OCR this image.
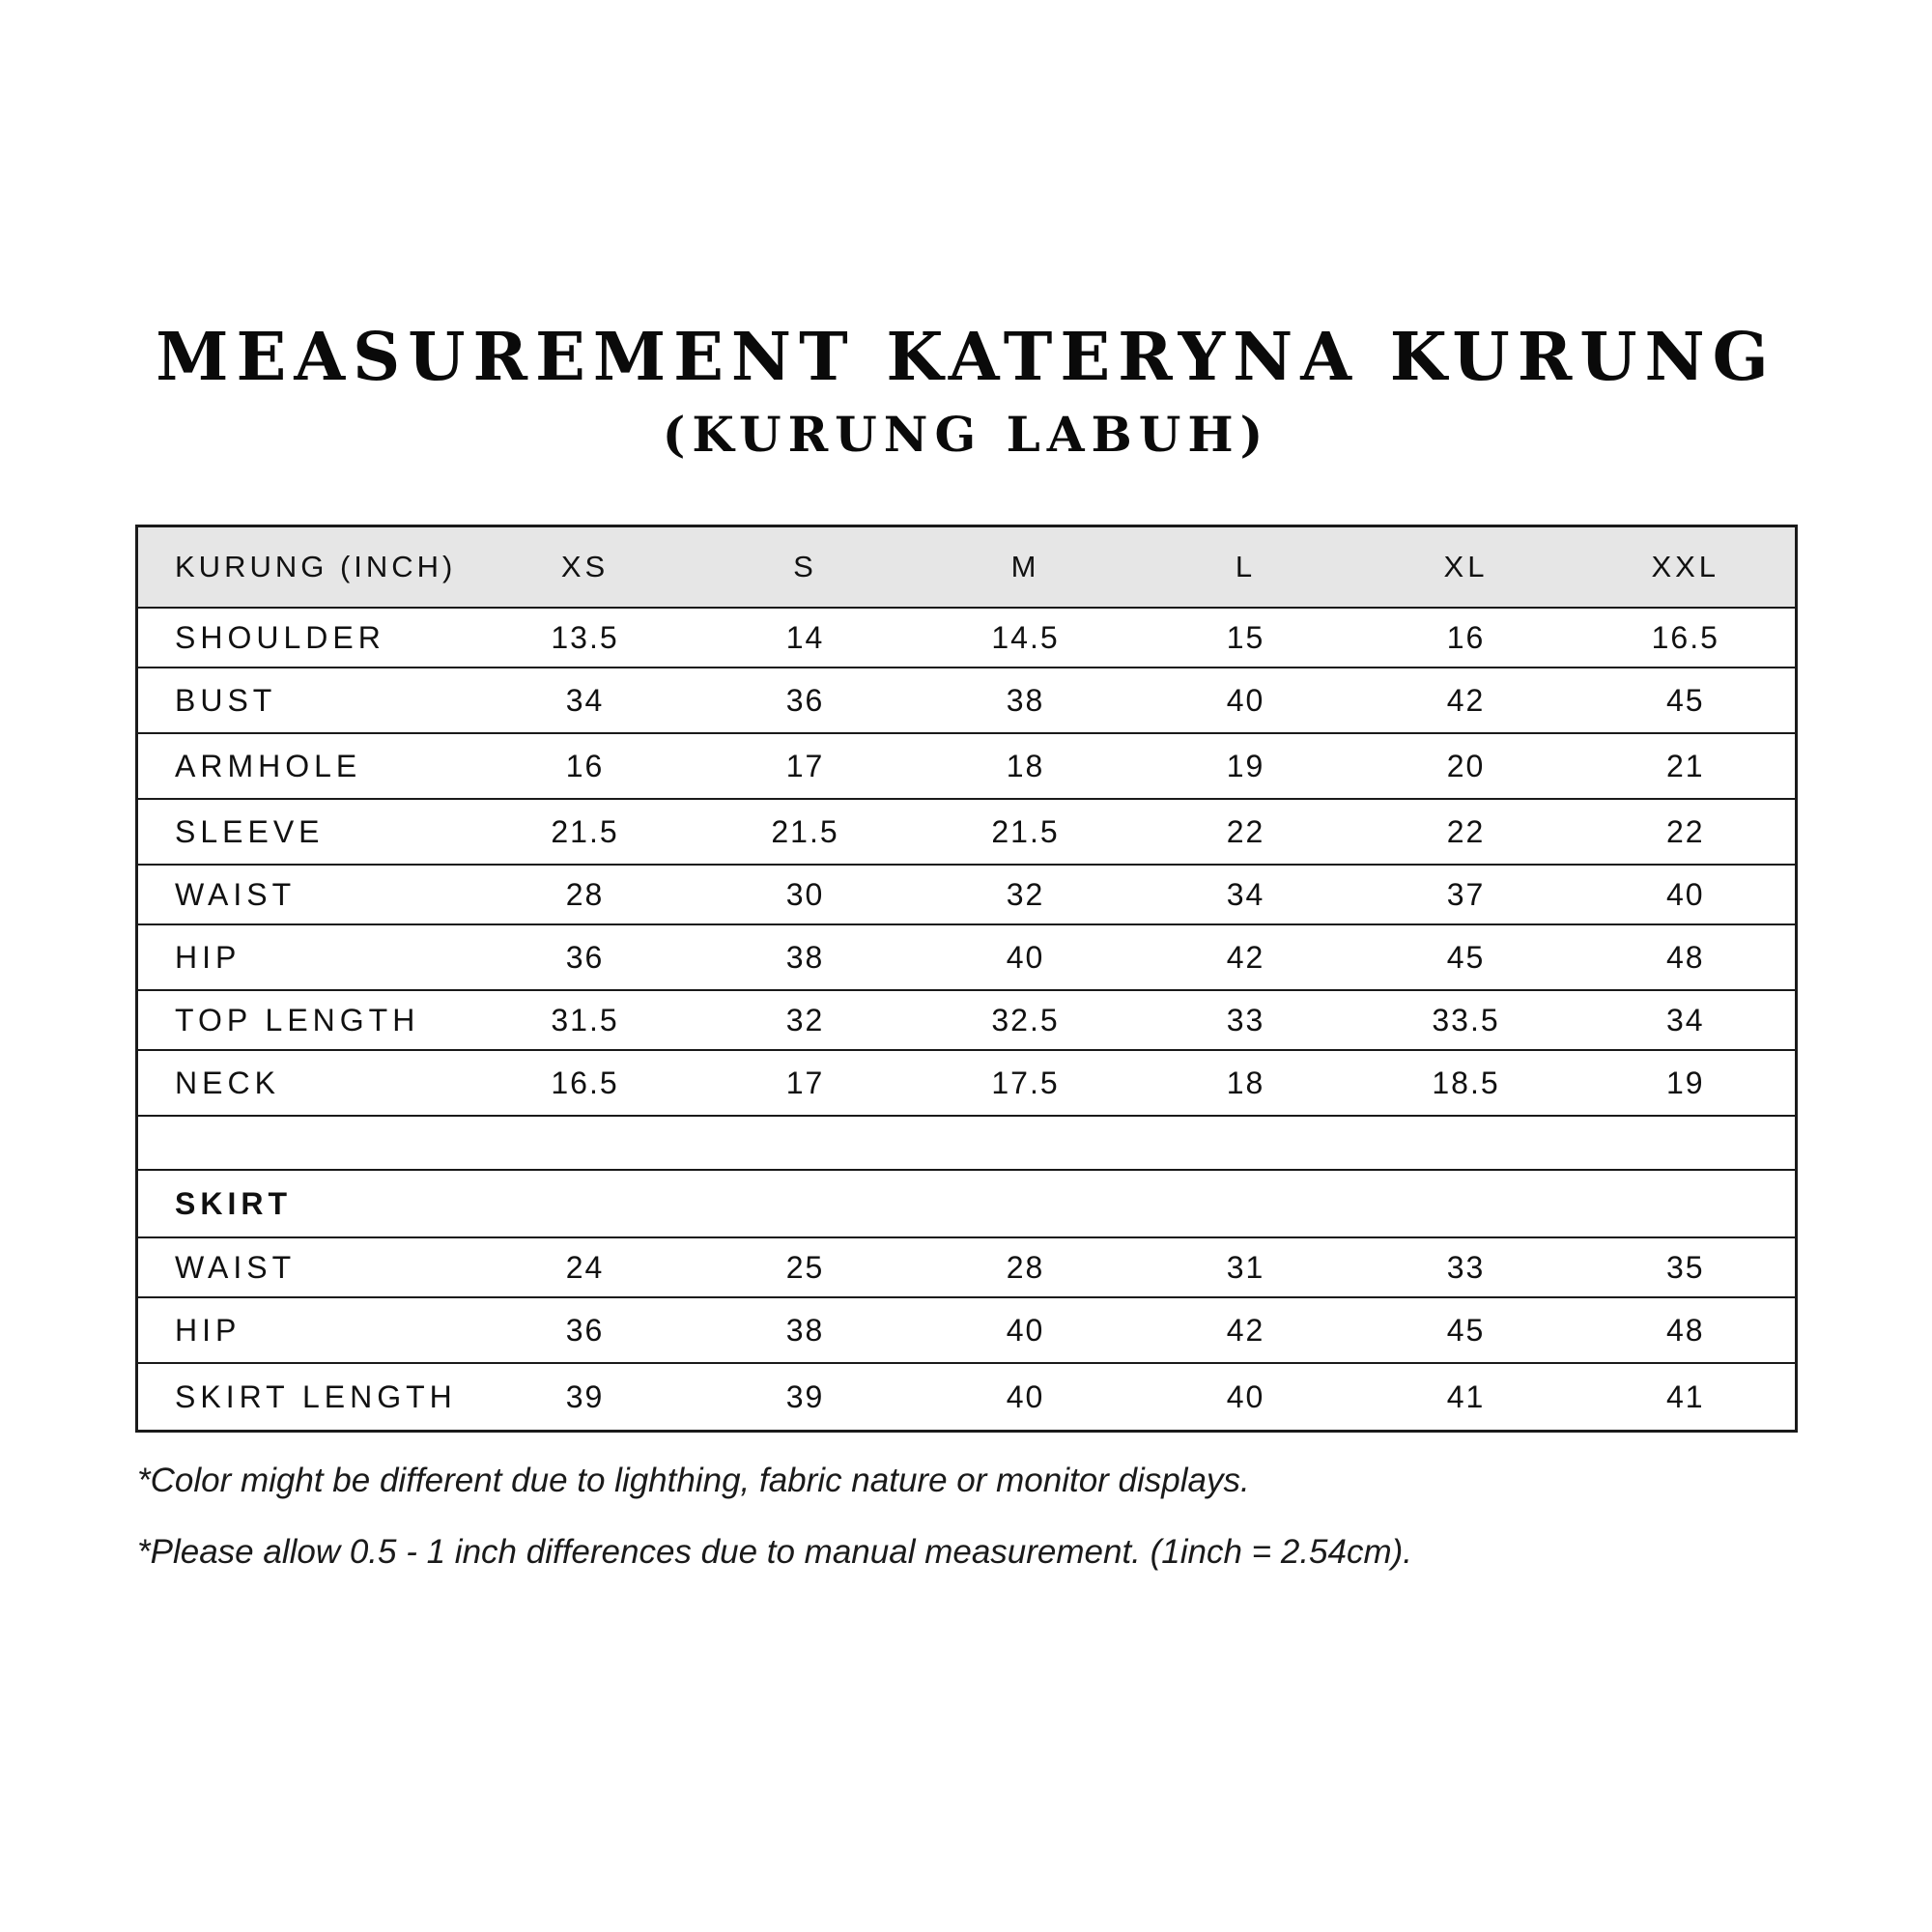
MEASUREMENT KATERYNA KURUNG
(KURUNG LABUH)
KURUNG (INCH)	XS	S	M	L	XL	XXL
SHOULDER	13.5	14	14.5	15	16	16.5
BUST	34	36	38	40	42	45
ARMHOLE	16	17	18	19	20	21
SLEEVE	21.5	21.5	21.5	22	22	22
WAIST	28	30	32	34	37	40
HIP	36	38	40	42	45	48
TOP LENGTH	31.5	32	32.5	33	33.5	34
NECK	16.5	17	17.5	18	18.5	19

SKIRT						
WAIST	24	25	28	31	33	35
HIP	36	38	40	42	45	48
SKIRT LENGTH	39	39	40	40	41	41

*Color might be different due to lighthing, fabric nature or monitor displays.

*Please allow 0.5 - 1 inch differences due to manual measurement. (1inch = 2.54cm).
